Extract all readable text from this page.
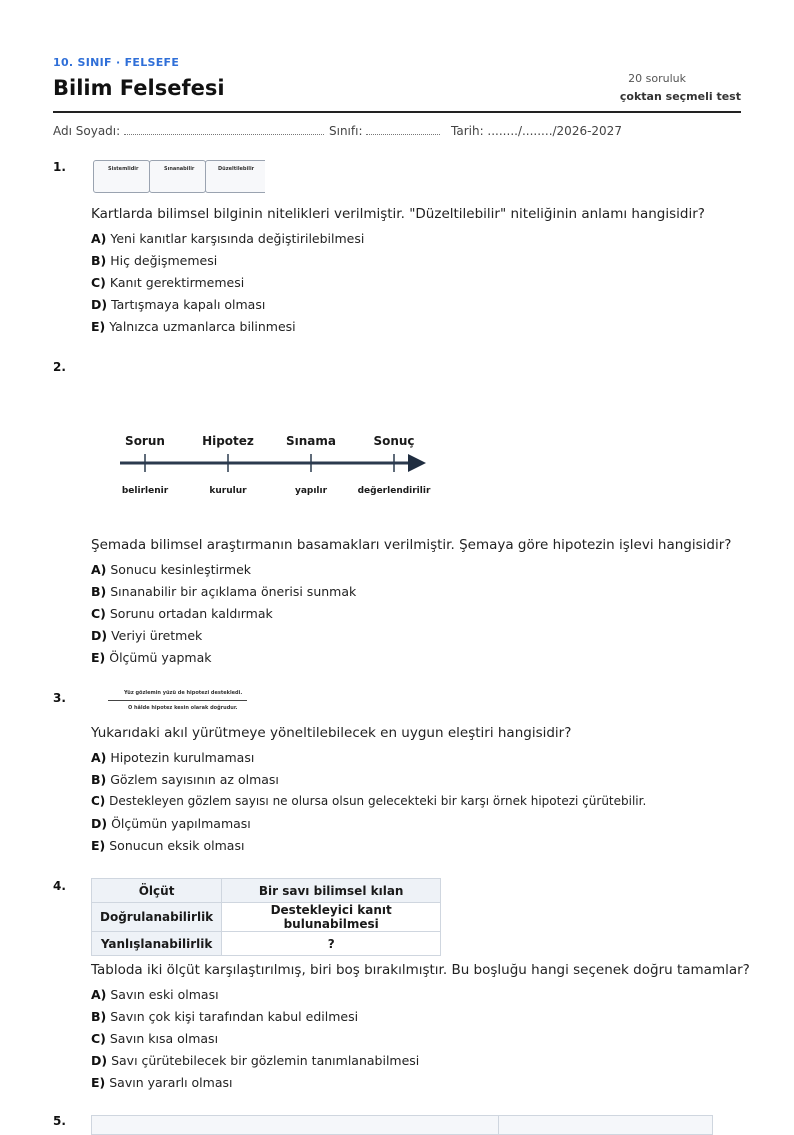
10. SINIF · FELSEFE
Bilim Felsefesi	20 soruluk
çoktan seçmeli test
Adı Soyadı:	Sınıfı:	Tarih: ......../......../2026-2027
1.	Sistemlidir	Sınanabilir	Düzeltilebilir
Kartlarda bilimsel bilginin nitelikleri verilmiştir. "Düzeltilebilir" niteliğinin anlamı hangisidir?
A) Yeni kanıtlar karşısında değiştirilebilmesi
B) Hiç değişmemesi
C) Kanıt gerektirmemesi
D) Tartışmaya kapalı olması
E) Yalnızca uzmanlarca bilinmesi
2.
Sorun	Hipotez	Sınama	Sonuç
belirlenir	kurulur	yapılır	değerlendirilir
Şemada bilimsel araştırmanın basamakları verilmiştir. Şemaya göre hipotezin işlevi hangisidir?
A) Sonucu kesinleştirmek
B) Sınanabilir bir açıklama önerisi sunmak
C) Sorunu ortadan kaldırmak
D) Veriyi üretmek
E) Ölçümü yapmak
3.	Yüz gözlemin yüzü de hipotezi destekledi.
O hâlde hipotez kesin olarak doğrudur.
Yukarıdaki akıl yürütmeye yöneltilebilecek en uygun eleştiri hangisidir?
A) Hipotezin kurulmaması
B) Gözlem sayısının az olması
C) Destekleyen gözlem sayısı ne olursa olsun gelecekteki bir karşı örnek hipotezi çürütebilir.
D) Ölçümün yapılmaması
E) Sonucun eksik olması
4.	Ölçüt	Bir savı bilimsel kılan
Doğrulanabilirlik	Destekleyici kanıt bulunabilmesi
Yanlışlanabilirlik	?
Tabloda iki ölçüt karşılaştırılmış, biri boş bırakılmıştır. Bu boşluğu hangi seçenek doğru tamamlar?
A) Savın eski olması
B) Savın çok kişi tarafından kabul edilmesi
C) Savın kısa olması
D) Savı çürütebilecek bir gözlemin tanımlanabilmesi
E) Savın yararlı olması
5.
